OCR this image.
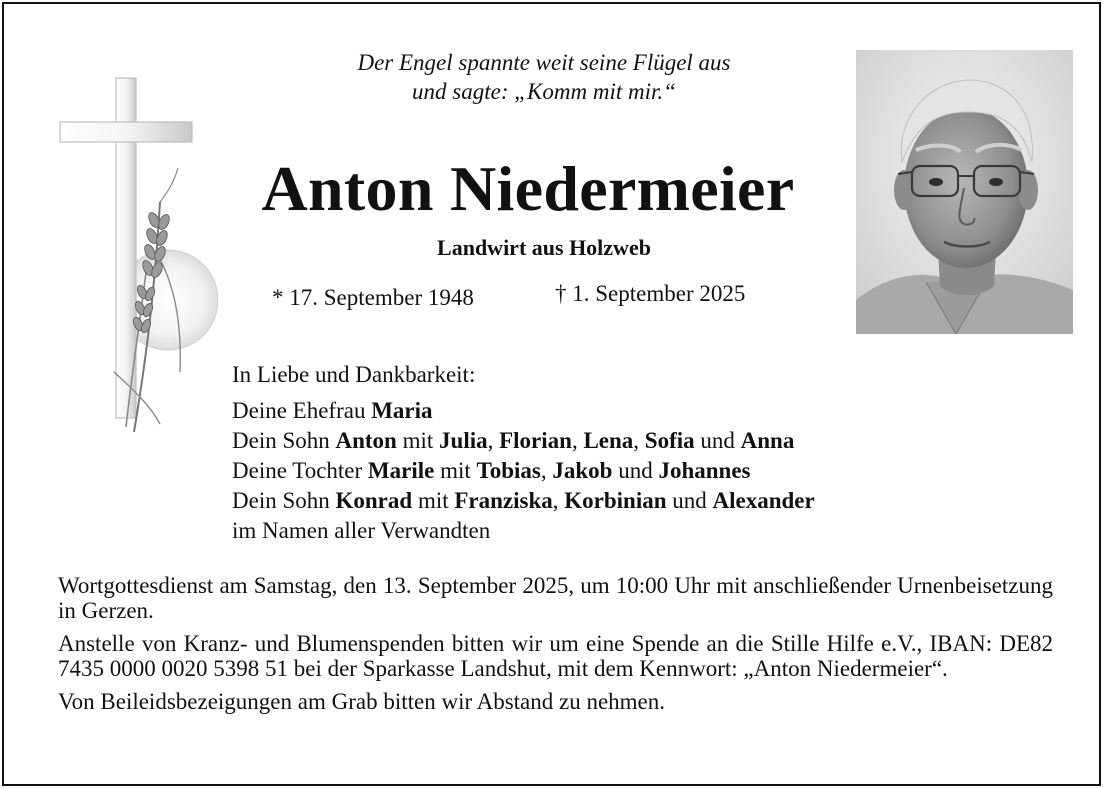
Der Engel spannte weit seine Flügel aus
und sagte: „Komm mit mir.“

Anton Niedermeier
Landwirt aus Holzweb
* 17. September 1948	† 1. September 2025
In Liebe und Dankbarkeit:
Deine Ehefrau Maria
Dein Sohn Anton mit Julia, Florian, Lena, Sofia und Anna
Deine Tochter Marile mit Tobias, Jakob und Johannes
Dein Sohn Konrad mit Franziska, Korbinian und Alexander
im Namen aller Verwandten

Wortgottesdienst am Samstag, den 13. September 2025, um 10:00 Uhr mit anschließender Urnenbeisetzung in Gerzen.

Anstelle von Kranz- und Blumenspenden bitten wir um eine Spende an die Stille Hilfe e.V., IBAN: DE82 7435 0000 0020 5398 51 bei der Sparkasse Landshut, mit dem Kennwort: „Anton Niedermeier“.

Von Beileidsbezeigungen am Grab bitten wir Abstand zu nehmen.
